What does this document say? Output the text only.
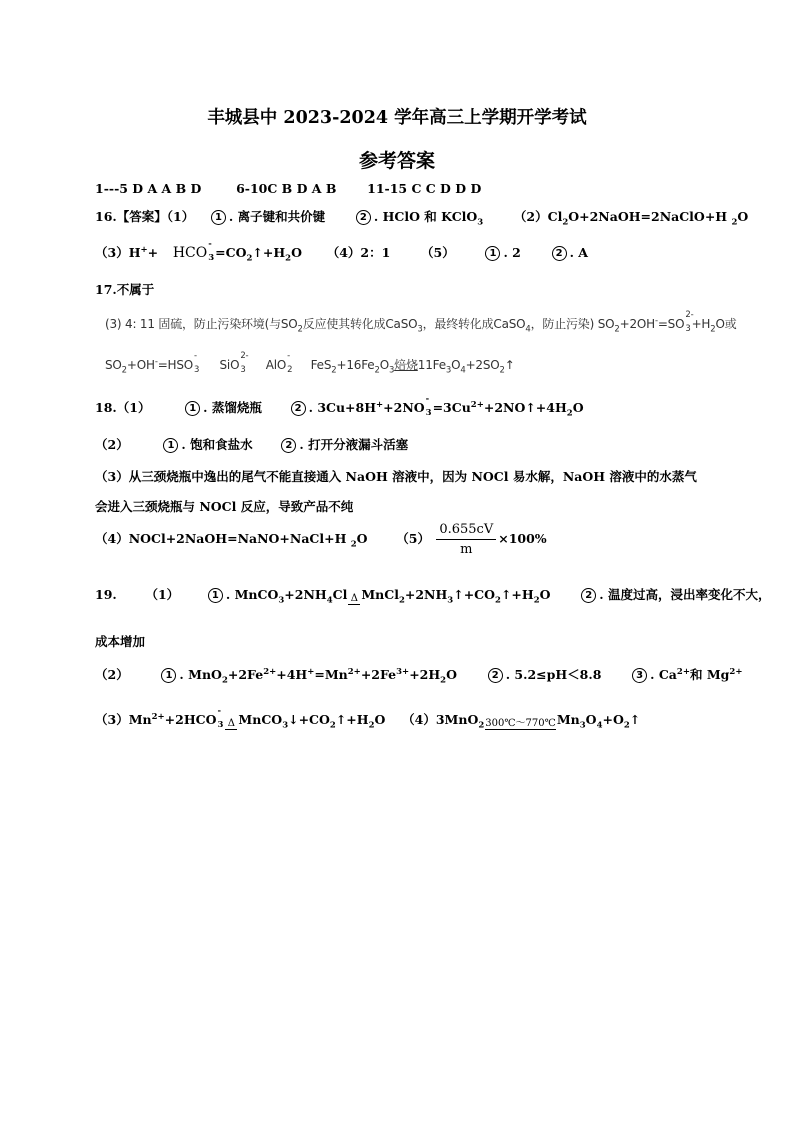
丰城县中 2023-2024 学年高三上学期开学考试
参考答案
1---5 D A A B D	6-10C B D A B 11-15 C C D D D
16.【答案】（1） 1 . 离子键和共价键	2 . HClO 和 KClO$_3$ $(2)Cl_2O+2NaOH=2NaClO+H$ $_2$O
（3）H++ HCO
-
$3=CO_2↑+H_2O$ （4）2：1 （5）	1 . 2	2 . A
17.不属于
(3) 4: 11 固硫，防止污染环境(与$SO_2$反应使其转化成CaSO$_3$，最终转化成CaSO$_4$，防止污染) $SO_2+2OH^-=SO$
2-
$3+H_2O$或
$SO_2+OH^-=HSO$
-
3 SiO
2-
3 AlO
-
2 $FeS_2+16Fe_2O_3$焙烧$11Fe_3O_4+2SO_2↑$
18.（1）	1 . 蒸馏烧瓶	2 . 3Cu+8H++2NO
-
$3=3Cu^{2+}+2NO↑+4H_2O$
（2）	1 . 饱和食盐水	2 . 打开分液漏斗活塞
（3）从三颈烧瓶中逸出的尾气不能直接通入 NaOH 溶液中，因为 NOCl 易水解，NaOH 溶液中的水蒸气
会进入三颈烧瓶与 NOCl 反应，导致产品不纯
（4）NOCl+2NaOH=NaNO+NaCl+H $_2$O $(5) \frac{0.655cV}{m} \times 100\%$
19. （1）	1 . $MnCO_3+2NH_4Cl$ Δ $MnCl_2+2NH_3↑+CO_2↑+H_2O$	2 . 温度过高，浸出率变化不大，
成本增加
（2）	1 . $MnO_2+2Fe^{2+}+4H^+=Mn^{2+}+2Fe^{3+}+2H_2O$	2 . 5.2≤pH＜8.8	3 . $Ca^{2+}$和 $Mg^{2+}$
$(3)Mn^{2+}+2HCO$
-
3 Δ $MnCO_3↓+CO_2↑+H_2O$ （4）3MnO$_2$ 300℃～770℃ $Mn_3O_4+O_2↑$
